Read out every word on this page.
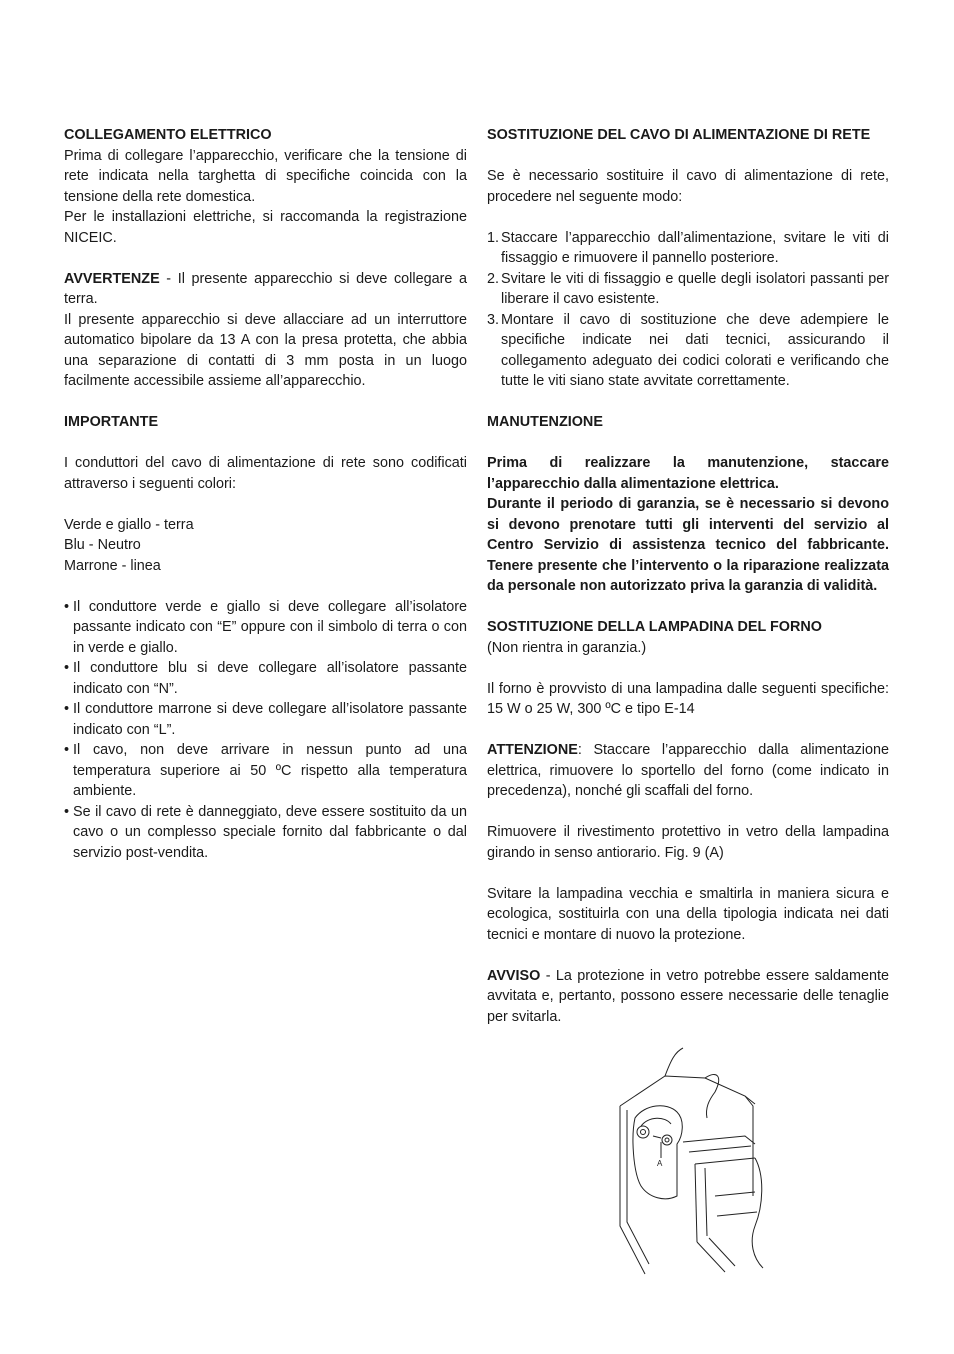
COLLEGAMENTO ELETTRICO

Prima di collegare l’apparecchio, verificare che la tensione di rete indicata nella targhetta di specifiche coincida con la tensione della rete domestica.

Per le installazioni elettriche, si raccomanda la registrazione NICEIC.

AVVERTENZE - Il presente apparecchio si deve collegare a terra.

Il presente apparecchio si deve allacciare ad un interruttore automatico bipolare da 13 A con la presa protetta, che abbia una separazione di contatti di 3 mm posta in un luogo facilmente accessibile assieme all’apparecchio.

IMPORTANTE

I conduttori del cavo di alimentazione di rete sono codificati attraverso i seguenti colori:

Verde e giallo - terra

Blu - Neutro

Marrone - linea

• Il conduttore verde e giallo si deve collegare all’isolatore passante indicato con “E” oppure con il simbolo di terra o con in verde e giallo.
• Il conduttore blu si deve collegare all’isolatore passante indicato con “N”.
• Il conduttore marrone si deve collegare all’isolatore passante indicato con “L”.
• Il cavo, non deve arrivare in nessun punto ad una temperatura superiore ai 50 ºC rispetto alla temperatura ambiente.
• Se il cavo di rete è danneggiato, deve essere sostituito da un cavo o un complesso speciale fornito dal fabbricante o dal servizio post-vendita.

SOSTITUZIONE DEL CAVO DI ALIMENTAZIONE DI RETE

Se è necessario sostituire il cavo di alimentazione di rete, procedere nel seguente modo:

1. Staccare l’apparecchio dall’alimentazione, svitare le viti di fissaggio e rimuovere il pannello posteriore.
2. Svitare le viti di fissaggio e quelle degli isolatori passanti per liberare il cavo esistente.
3. Montare il cavo di sostituzione che deve adempiere le specifiche indicate nei dati tecnici, assicurando il collegamento adeguato dei codici colorati e verificando che tutte le viti siano state avvitate correttamente.

MANUTENZIONE

Prima di realizzare la manutenzione, staccare l’apparecchio dalla alimentazione elettrica.

Durante il periodo di garanzia, se è necessario si devono si devono prenotare tutti gli interventi del servizio al Centro Servizio di assistenza tecnico del fabbricante. Tenere presente che l’intervento o la riparazione realizzata da personale non autorizzato priva la garanzia di validità.

SOSTITUZIONE DELLA LAMPADINA DEL FORNO

(Non rientra in garanzia.)

Il forno è provvisto di una lampadina dalle seguenti specifiche: 15 W o 25 W, 300 ºC e tipo E-14

ATTENZIONE: Staccare l’apparecchio dalla alimentazione elettrica, rimuovere lo sportello del forno (come indicato in precedenza), nonché gli scaffali del forno.

Rimuovere il rivestimento protettivo in vetro della lampadina girando in senso antiorario. Fig. 9 (A)

Svitare la lampadina vecchia e smaltirla in maniera sicura e ecologica, sostituirla con una della tipologia indicata nei dati tecnici e montare di nuovo la protezione.

AVVISO - La protezione in vetro potrebbe essere saldamente avvitata e, pertanto, possono essere necessarie delle tenaglie per svitarla.

A
